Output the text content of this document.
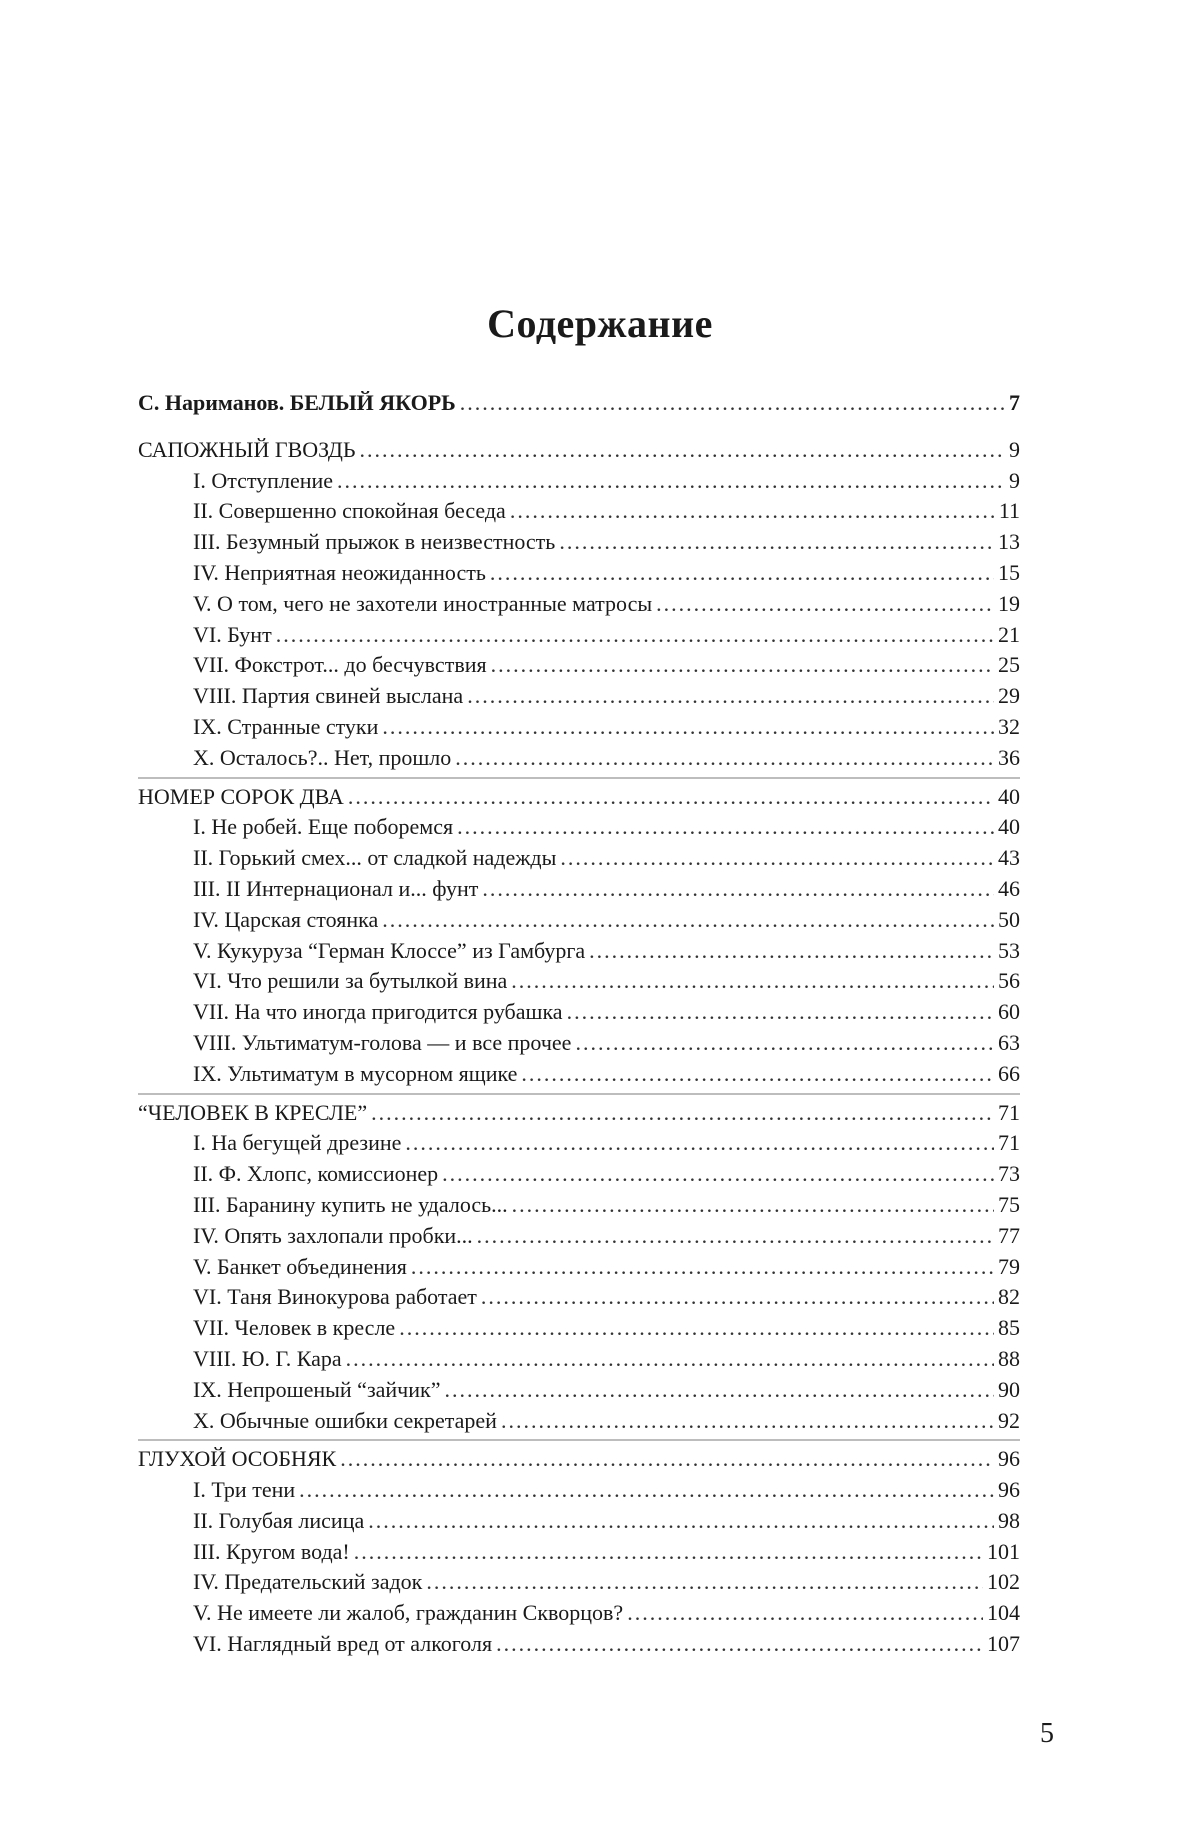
Содержание
С. Нариманов. БЕЛЫЙ ЯКОРЬ .....	7
САПОЖНЫЙ ГВОЗДЬ .....	9
I. Отступление .....	9
II. Совершенно спокойная беседа .....	11
III. Безумный прыжок в неизвестность .....	13
IV. Неприятная неожиданность .....	15
V. О том, чего не захотели иностранные матросы .....	19
VI. Бунт .....	21
VII. Фокстрот... до бесчувствия .....	25
VIII. Партия свиней выслана .....	29
IX. Странные стуки .....	32
X. Осталось?.. Нет, прошло .....	36
НОМЕР СОРОК ДВА .....	40
I. Не робей. Еще поборемся .....	40
II. Горький смех... от сладкой надежды .....	43
III. II Интернационал и... фунт .....	46
IV. Царская стоянка .....	50
V. Кукуруза “Герман Клоссе” из Гамбурга .....	53
VI. Что решили за бутылкой вина .....	56
VII. На что иногда пригодится рубашка .....	60
VIII. Ультиматум-голова — и все прочее .....	63
IX. Ультиматум в мусорном ящике .....	66
“ЧЕЛОВЕК В КРЕСЛЕ” .....	71
I. На бегущей дрезине .....	71
II. Ф. Хлопс, комиссионер .....	73
III. Баранину купить не удалось... .....	75
IV. Опять захлопали пробки... .....	77
V. Банкет объединения .....	79
VI. Таня Винокурова работает .....	82
VII. Человек в кресле .....	85
VIII. Ю. Г. Кара .....	88
IX. Непрошеный “зайчик” .....	90
X. Обычные ошибки секретарей .....	92
ГЛУХОЙ ОСОБНЯК .....	96
I. Три тени .....	96
II. Голубая лисица .....	98
III. Кругом вода! .....	101
IV. Предательский задок .....	102
V. Не имеете ли жалоб, гражданин Скворцов? .....	104
VI. Наглядный вред от алкоголя .....	107
5
